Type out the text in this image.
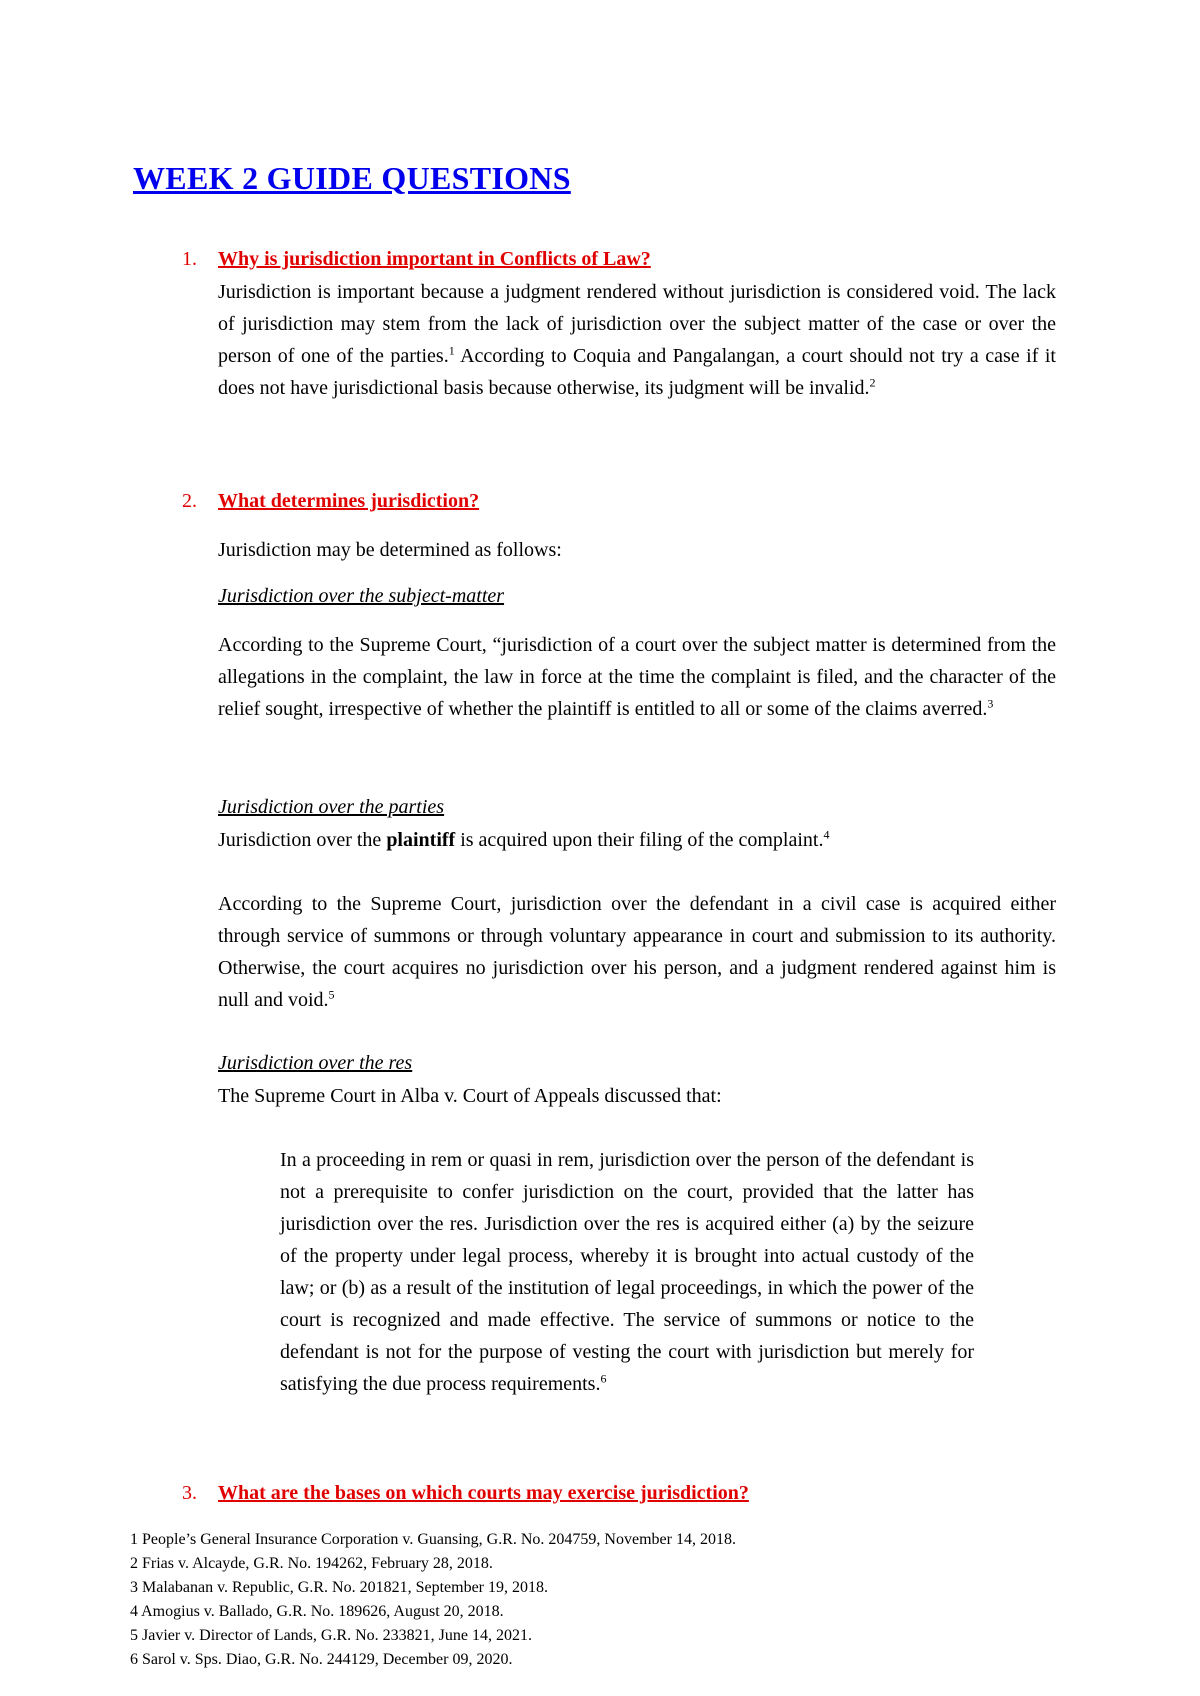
WEEK 2 GUIDE QUESTIONS
1. Why is jurisdiction important in Conflicts of Law?

Jurisdiction is important because a judgment rendered without jurisdiction is considered void. The lack of jurisdiction may stem from the lack of jurisdiction over the subject matter of the case or over the person of one of the parties.$^1$ According to Coquia and Pangalangan, a court should not try a case if it does not have jurisdictional basis because otherwise, its judgment will be invalid.$^2$

2. What determines jurisdiction?

Jurisdiction may be determined as follows:

Jurisdiction over the subject-matter

According to the Supreme Court, “jurisdiction of a court over the subject matter is determined from the allegations in the complaint, the law in force at the time the complaint is filed, and the character of the relief sought, irrespective of whether the plaintiff is entitled to all or some of the claims averred.$^3$

Jurisdiction over the parties

Jurisdiction over the plaintiff is acquired upon their filing of the complaint.$^4$

According to the Supreme Court, jurisdiction over the defendant in a civil case is acquired either through service of summons or through voluntary appearance in court and submission to its authority. Otherwise, the court acquires no jurisdiction over his person, and a judgment rendered against him is null and void.$^5$

Jurisdiction over the res

The Supreme Court in Alba v. Court of Appeals discussed that:

In a proceeding in rem or quasi in rem, jurisdiction over the person of the defendant is not a prerequisite to confer jurisdiction on the court, provided that the latter has jurisdiction over the res. Jurisdiction over the res is acquired either (a) by the seizure of the property under legal process, whereby it is brought into actual custody of the law; or (b) as a result of the institution of legal proceedings, in which the power of the court is recognized and made effective. The service of summons or notice to the defendant is not for the purpose of vesting the court with jurisdiction but merely for satisfying the due process requirements.$^6$

3. What are the bases on which courts may exercise jurisdiction?
1 People’s General Insurance Corporation v. Guansing, G.R. No. 204759, November 14, 2018.
2 Frias v. Alcayde, G.R. No. 194262, February 28, 2018.
3 Malabanan v. Republic, G.R. No. 201821, September 19, 2018.
4 Amogius v. Ballado, G.R. No. 189626, August 20, 2018.
5 Javier v. Director of Lands, G.R. No. 233821, June 14, 2021.
6 Sarol v. Sps. Diao, G.R. No. 244129, December 09, 2020.
